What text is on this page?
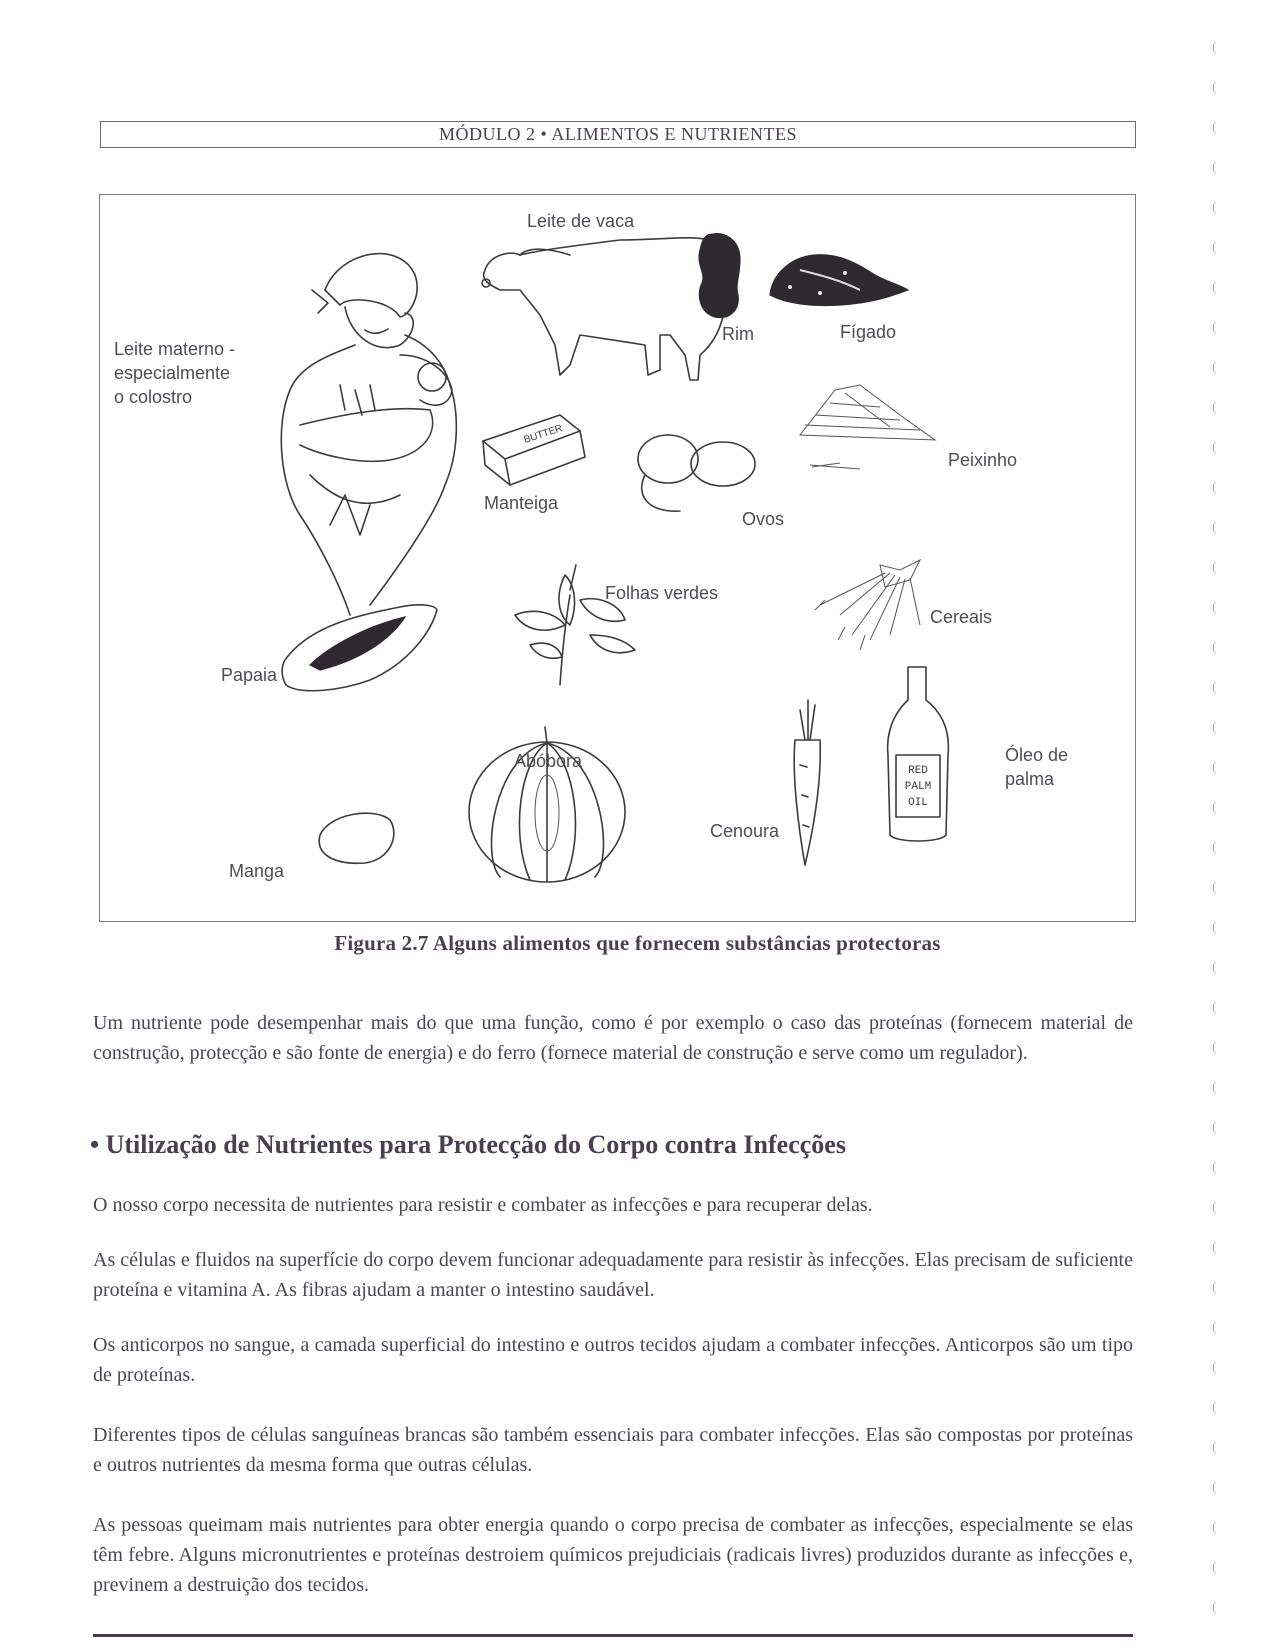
MÓDULO 2 • ALIMENTOS E NUTRIENTES
BUTTER
RED
PALM
OIL
Leite materno -
especialmente
o colostro
Leite de vaca
Rim	Fígado
Manteiga
Ovos
Peixinho
Folhas verdes
Cereais
Papaia
Abóbora
Cenoura
Óleo de
palma
Manga
Figura 2.7 Alguns alimentos que fornecem substâncias protectoras

Um nutriente pode desempenhar mais do que uma função, como é por exemplo o caso das proteínas (fornecem material de construção, protecção e são fonte de energia) e do ferro (fornece material de construção e serve como um regulador).

• Utilização de Nutrientes para Protecção do Corpo contra Infecções

O nosso corpo necessita de nutrientes para resistir e combater as infecções e para recuperar delas.

As células e fluidos na superfície do corpo devem funcionar adequadamente para resistir às infecções. Elas precisam de suficiente proteína e vitamina A. As fibras ajudam a manter o intestino saudável.

Os anticorpos no sangue, a camada superficial do intestino e outros tecidos ajudam a combater infecções. Anticorpos são um tipo de proteínas.

Diferentes tipos de células sanguíneas brancas são também essenciais para combater infecções. Elas são compostas por proteínas e outros nutrientes da mesma forma que outras células.

As pessoas queimam mais nutrientes para obter energia quando o corpo precisa de combater as infecções, especialmente se elas têm febre. Alguns micronutrientes e proteínas destroiem químicos prejudiciais (radicais livres) produzidos durante as infecções e, previnem a destruição dos tecidos.

(
(
(
(
(
(
(
(
(
(
(
(
(
(
(
(
(
(
(
(
(
(
(
(
(
(
(
(
(
(
(
(
(
(
(
(
(
(
(
(
